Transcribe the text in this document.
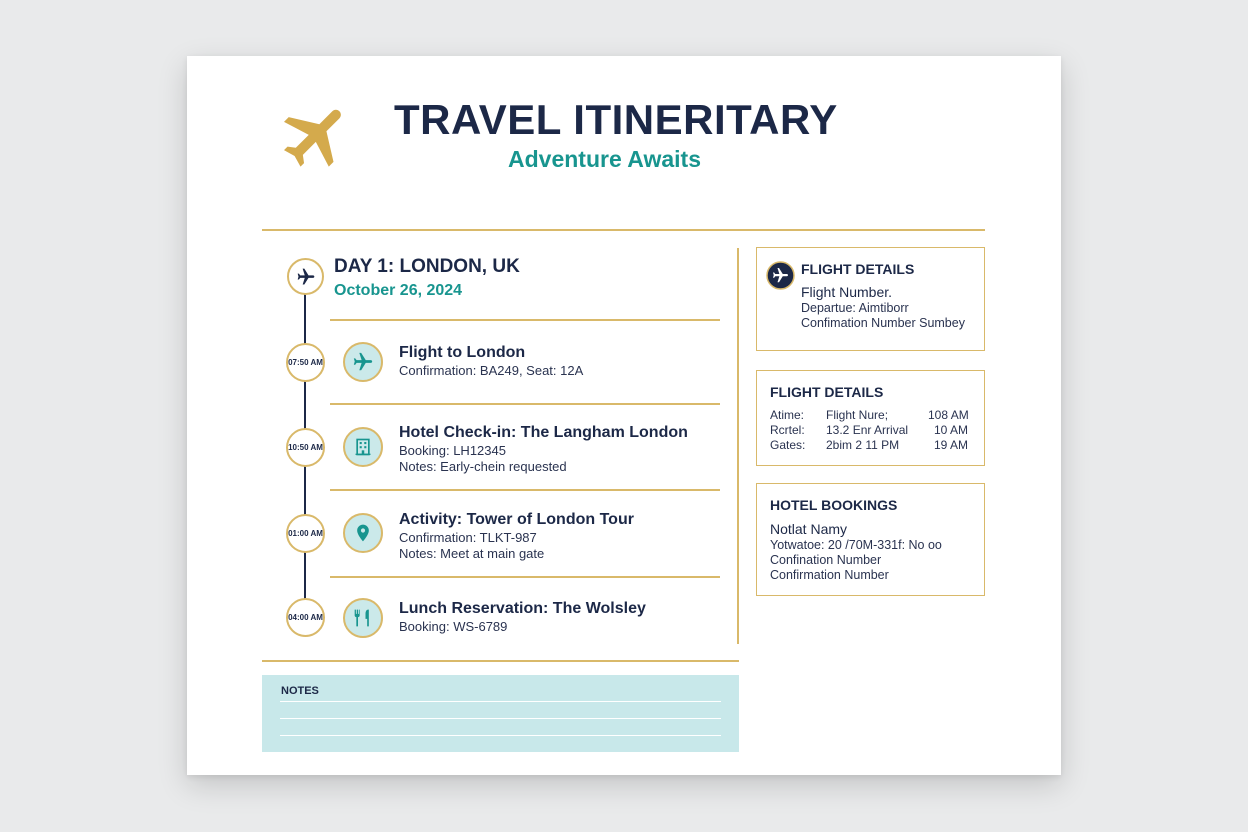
TRAVEL ITINERITARY
Adventure Awaits
DAY 1: LONDON, UK
October 26, 2024
07:50 AM
Flight to London
Confirmation: BA249, Seat: 12A
10:50 AM
Hotel Check-in: The Langham London
Booking: LH12345
Notes: Early-chein requested
01:00 AM
Activity: Tower of London Tour
Confirmation: TLKT-987
Notes: Meet at main gate
04:00 AM
Lunch Reservation: The Wolsley
Booking: WS-6789
FLIGHT DETAILS
Flight Number.
Departue: Aimtiborr
Confimation Number Sumbey
FLIGHT DETAILS
Atime: Flight Nure;	108 AM
Rcrtel: 13.2 Enr Arrival 10 AM
Gates: 2bim 2 11 PM	19 AM
HOTEL BOOKINGS
Notlat Namy
Yotwatoe: 20 /70M-331f: No oo
Confination Number
Confirmation Number
NOTES
